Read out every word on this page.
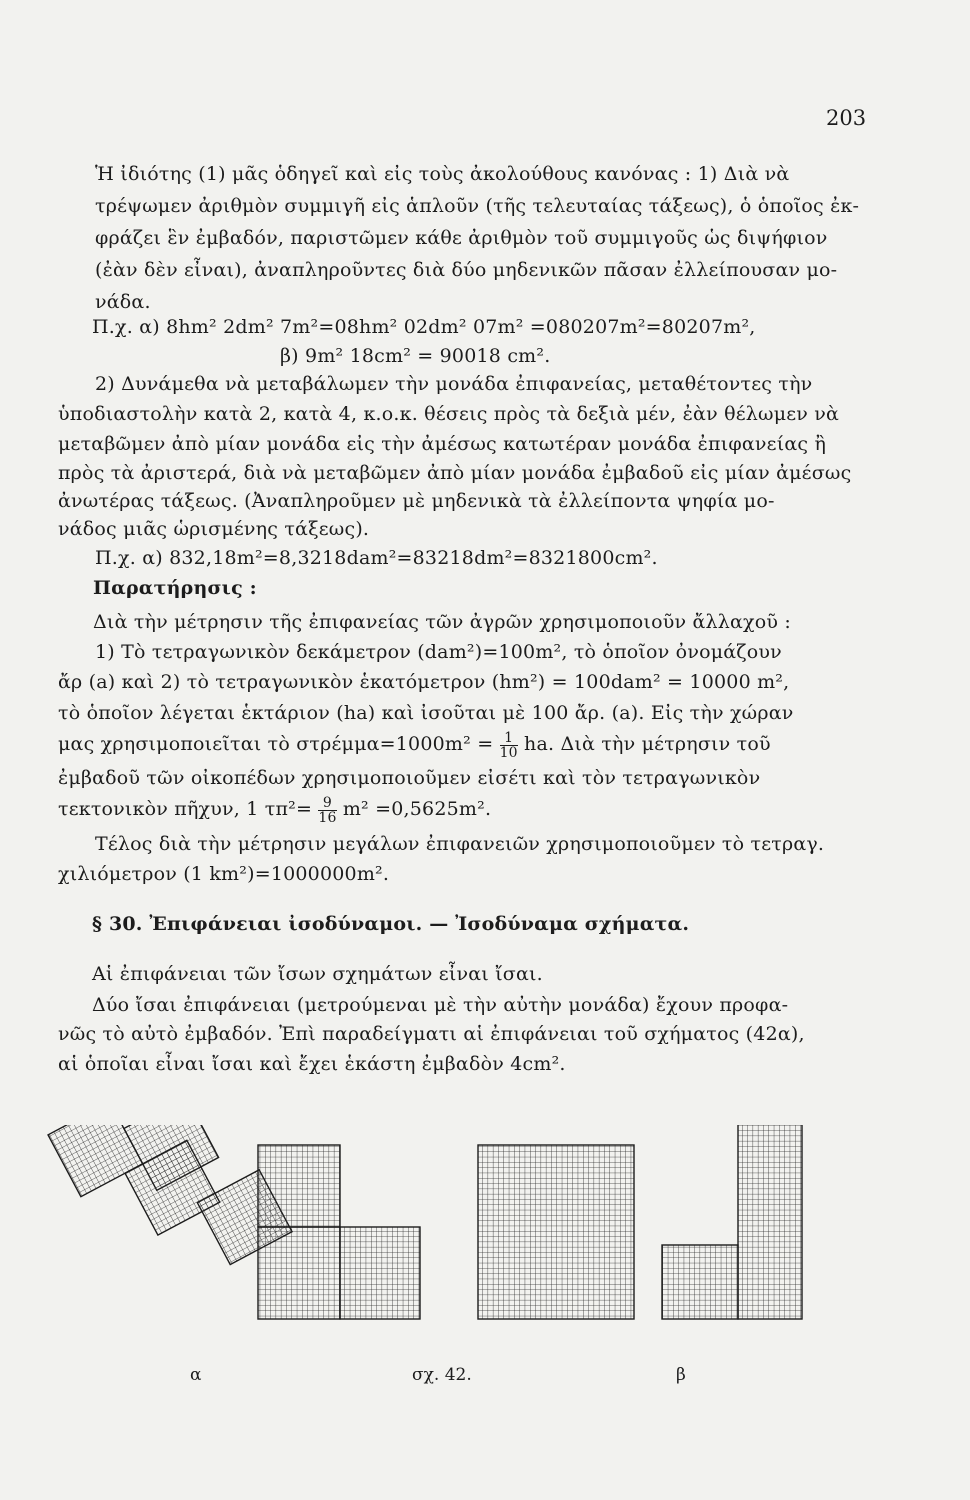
203
Ἡ ἰδιότης (1) μᾶς ὁδηγεῖ καὶ εἰς τοὺς ἀκολούθους κανόνας : 1) Διὰ νὰ
τρέψωμεν ἀριθμὸν συμμιγῆ εἰς ἁπλοῦν (τῆς τελευταίας τάξεως), ὁ ὁποῖος ἐκ-
φράζει ἓν ἐμβαδόν, παριστῶμεν κάθε ἀριθμὸν τοῦ συμμιγοῦς ὡς διψήφιον
(ἐὰν δὲν εἶναι), ἀναπληροῦντες διὰ δύο μηδενικῶν πᾶσαν ἐλλείπουσαν μο-
νάδα.
Π.χ. α) 8hm² 2dm² 7m²=08hm² 02dm² 07m² =080207m²=80207m²,
β) 9m² 18cm² = 90018 cm².
2) Δυνάμεθα νὰ μεταβάλωμεν τὴν μονάδα ἐπιφανείας, μεταθέτοντες τὴν
ὑποδιαστολὴν κατὰ 2, κατὰ 4, κ.ο.κ. θέσεις πρὸς τὰ δεξιὰ μέν, ἐὰν θέλωμεν νὰ
μεταβῶμεν ἀπὸ μίαν μονάδα εἰς τὴν ἀμέσως κατωτέραν μονάδα ἐπιφανείας ἢ
πρὸς τὰ ἀριστερά, διὰ νὰ μεταβῶμεν ἀπὸ μίαν μονάδα ἐμβαδοῦ εἰς μίαν ἀμέσως
ἀνωτέρας τάξεως. (Ἀναπληροῦμεν μὲ μηδενικὰ τὰ ἐλλείποντα ψηφία μο-
νάδος μιᾶς ὡρισμένης τάξεως).
Π.χ. α) 832,18m²=8,3218dam²=83218dm²=8321800cm².
Παρατήρησις :
Διὰ τὴν μέτρησιν τῆς ἐπιφανείας τῶν ἀγρῶν χρησιμοποιοῦν ἄλλαχοῦ :
1) Τὸ τετραγωνικὸν δεκάμετρον (dam²)=100m², τὸ ὁποῖον ὀνομάζουν
ἄρ (a) καὶ 2) τὸ τετραγωνικὸν ἑκατόμετρον (hm²) = 100dam² = 10000 m²,
τὸ ὁποῖον λέγεται ἑκτάριον (ha) καὶ ἰσοῦται μὲ 100 ἄρ. (a). Εἰς τὴν χώραν
μας χρησιμοποιεῖται τὸ $\sigma\tau\rho έ\mu\mu\alpha=1000m^2 = \frac{1}{10}$ ha. Διὰ τὴν μέτρησιν τοῦ
ἐμβαδοῦ τῶν οἰκοπέδων χρησιμοποιοῦμεν εἰσέτι καὶ τὸν τετραγωνικὸν
τεκτονικὸν πῆχυν, 1 $\tau\pi^2= \frac{9}{16} m^2 =0,5625m^2$.
Τέλος διὰ τὴν μέτρησιν μεγάλων ἐπιφανειῶν χρησιμοποιοῦμεν τὸ τετραγ.
χιλιόμετρον (1 km²)=1000000m².
§ 30. Ἐπιφάνειαι ἰσοδύναμοι. — Ἰσοδύναμα σχήματα.
Αἱ ἐπιφάνειαι τῶν ἴσων σχημάτων εἶναι ἴσαι.
Δύο ἴσαι ἐπιφάνειαι (μετρούμεναι μὲ τὴν αὐτὴν μονάδα) ἔχουν προφα-
νῶς τὸ αὐτὸ ἐμβαδόν. Ἐπὶ παραδείγματι αἱ ἐπιφάνειαι τοῦ σχήματος (42α),
αἱ ὁποῖαι εἶναι ἴσαι καὶ ἔχει ἑκάστη ἐμβαδὸν 4cm².
α	σχ. 42.	β
